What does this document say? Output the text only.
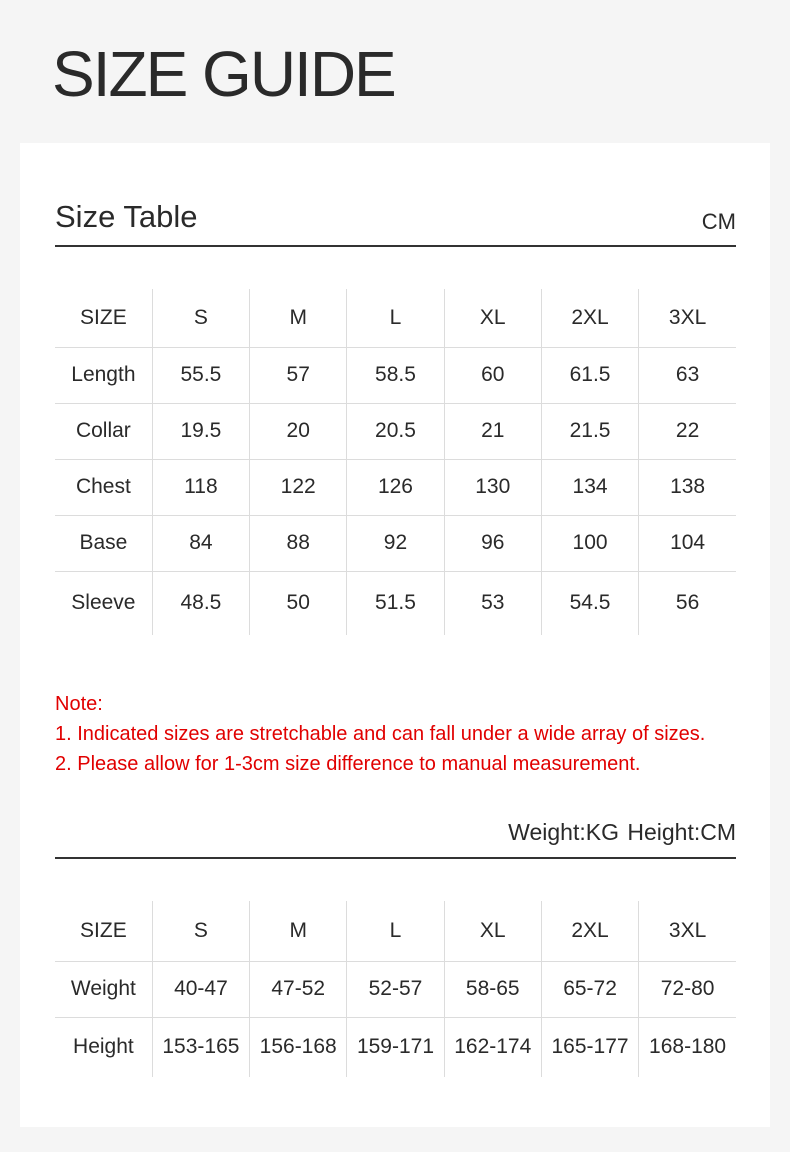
SIZE GUIDE
Size Table	CM
SIZE	S	M	L	XL	2XL	3XL
Length	55.5	57	58.5	60	61.5	63
Collar	19.5	20	20.5	21	21.5	22
Chest	118	122	126	130	134	138
Base	84	88	92	96	100	104
Sleeve	48.5	50	51.5	53	54.5	56
Note:
1. Indicated sizes are stretchable and can fall under a wide array of sizes.
2. Please allow for 1-3cm size difference to manual measurement.
Weight:KG Height:CM
SIZE	S	M	L	XL	2XL	3XL
Weight	40-47	47-52	52-57	58-65	65-72	72-80
Height	153-165	156-168	159-171	162-174	165-177	168-180
